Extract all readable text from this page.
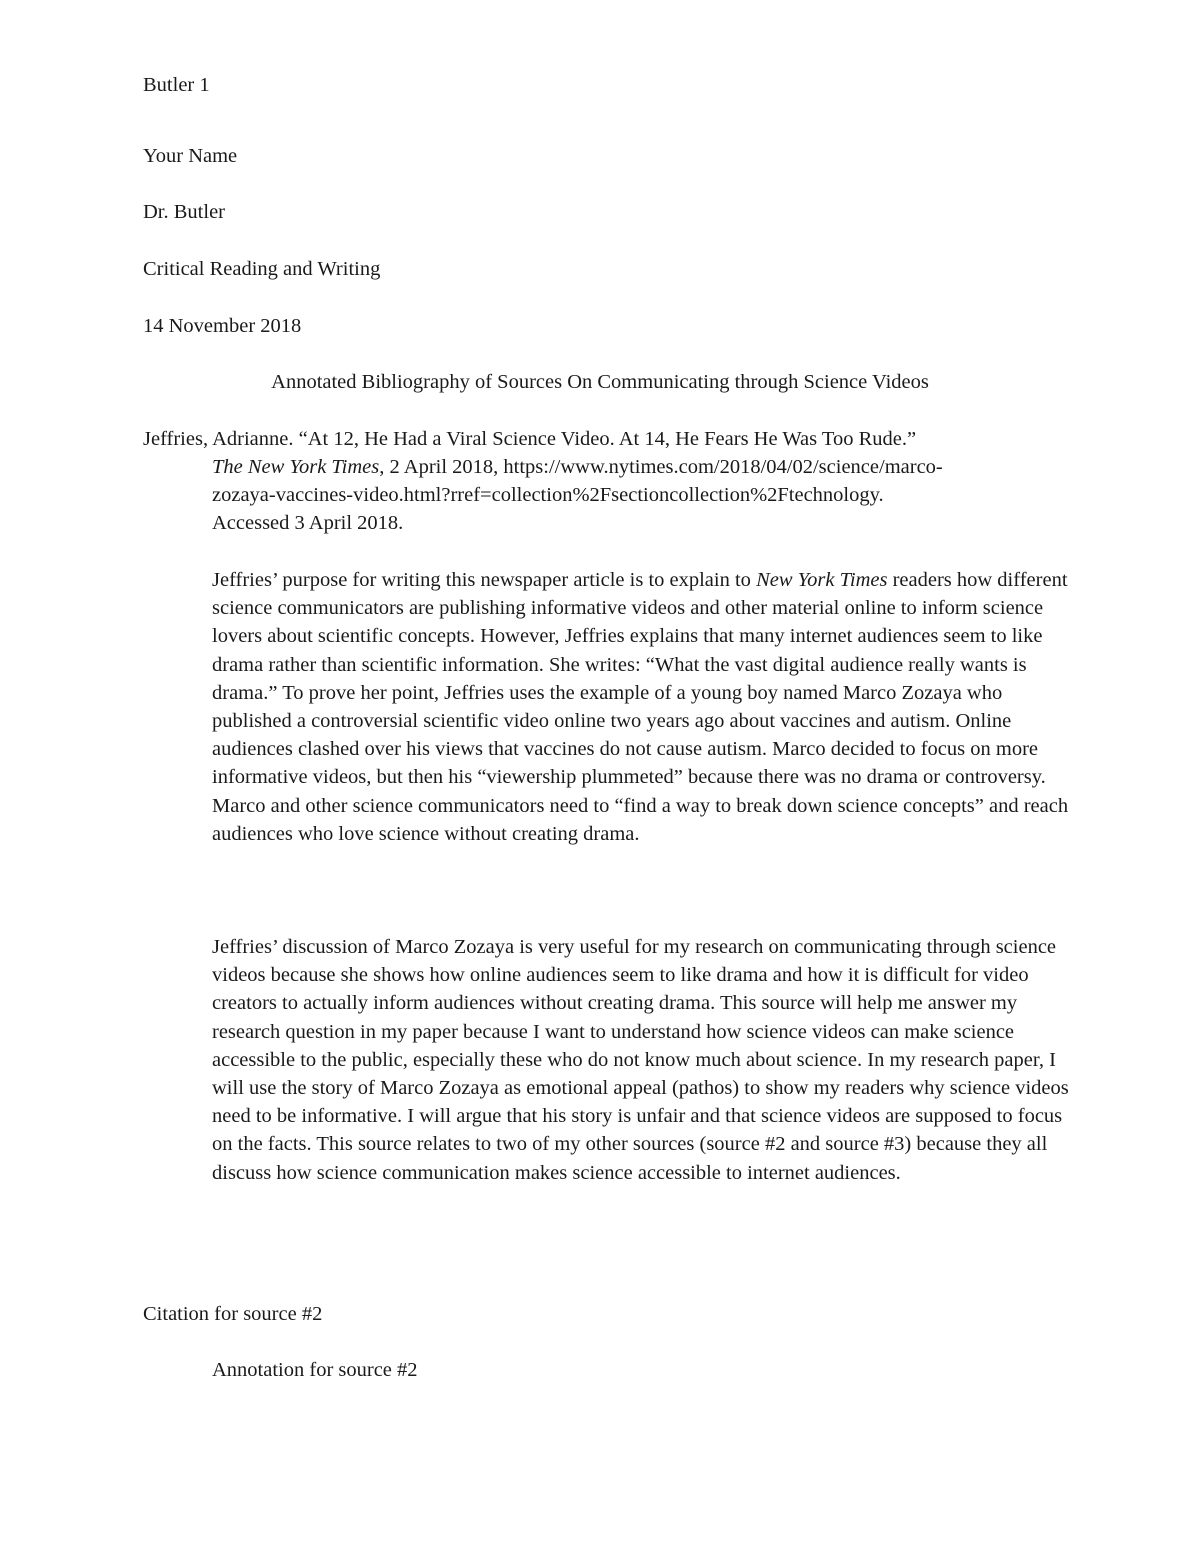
Butler 1
Your Name
Dr. Butler
Critical Reading and Writing
14 November 2018
Annotated Bibliography of Sources On Communicating through Science Videos
Jeffries, Adrianne. “At 12, He Had a Viral Science Video. At 14, He Fears He Was Too Rude.”
The New York Times, 2 April 2018, https://www.nytimes.com/2018/04/02/science/marco-
zozaya-vaccines-video.html?rref=collection%2Fsectioncollection%2Ftechnology.
Accessed 3 April 2018.
Jeffries’ purpose for writing this newspaper article is to explain to New York Times readers how different science communicators are publishing informative videos and other material online to inform science lovers about scientific concepts. However, Jeffries explains that many internet audiences seem to like drama rather than scientific information. She writes: “What the vast digital audience really wants is drama.” To prove her point, Jeffries uses the example of a young boy named Marco Zozaya who published a controversial scientific video online two years ago about vaccines and autism. Online audiences clashed over his views that vaccines do not cause autism. Marco decided to focus on more informative videos, but then his “viewership plummeted” because there was no drama or controversy. Marco and other science communicators need to “find a way to break down science concepts” and reach audiences who love science without creating drama.
Jeffries’ discussion of Marco Zozaya is very useful for my research on communicating through science videos because she shows how online audiences seem to like drama and how it is difficult for video creators to actually inform audiences without creating drama. This source will help me answer my research question in my paper because I want to understand how science videos can make science accessible to the public, especially these who do not know much about science. In my research paper, I will use the story of Marco Zozaya as emotional appeal (pathos) to show my readers why science videos need to be informative. I will argue that his story is unfair and that science videos are supposed to focus on the facts. This source relates to two of my other sources (source #2 and source #3) because they all discuss how science communication makes science accessible to internet audiences.
Citation for source #2
Annotation for source #2
